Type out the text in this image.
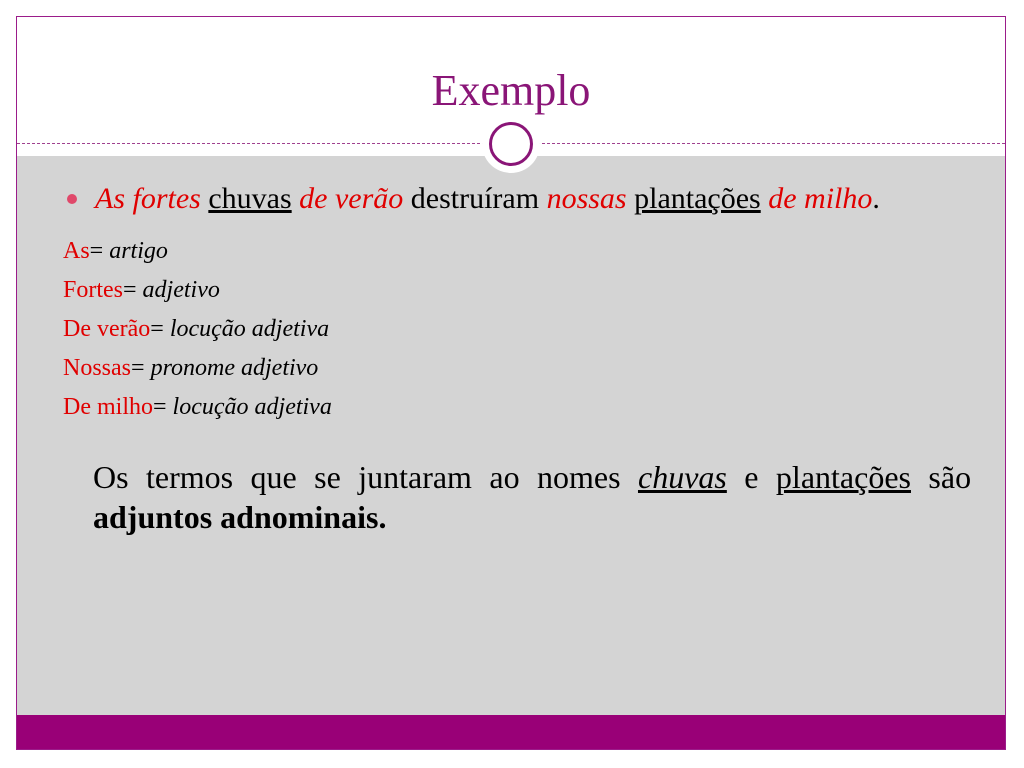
Exemplo
As fortes chuvas de verão destruíram nossas plantações de milho.
As= artigo
Fortes= adjetivo
De verão= locução adjetiva
Nossas= pronome adjetivo
De milho= locução adjetiva
Os termos que se juntaram ao nomes chuvas e plantações são adjuntos adnominais.
